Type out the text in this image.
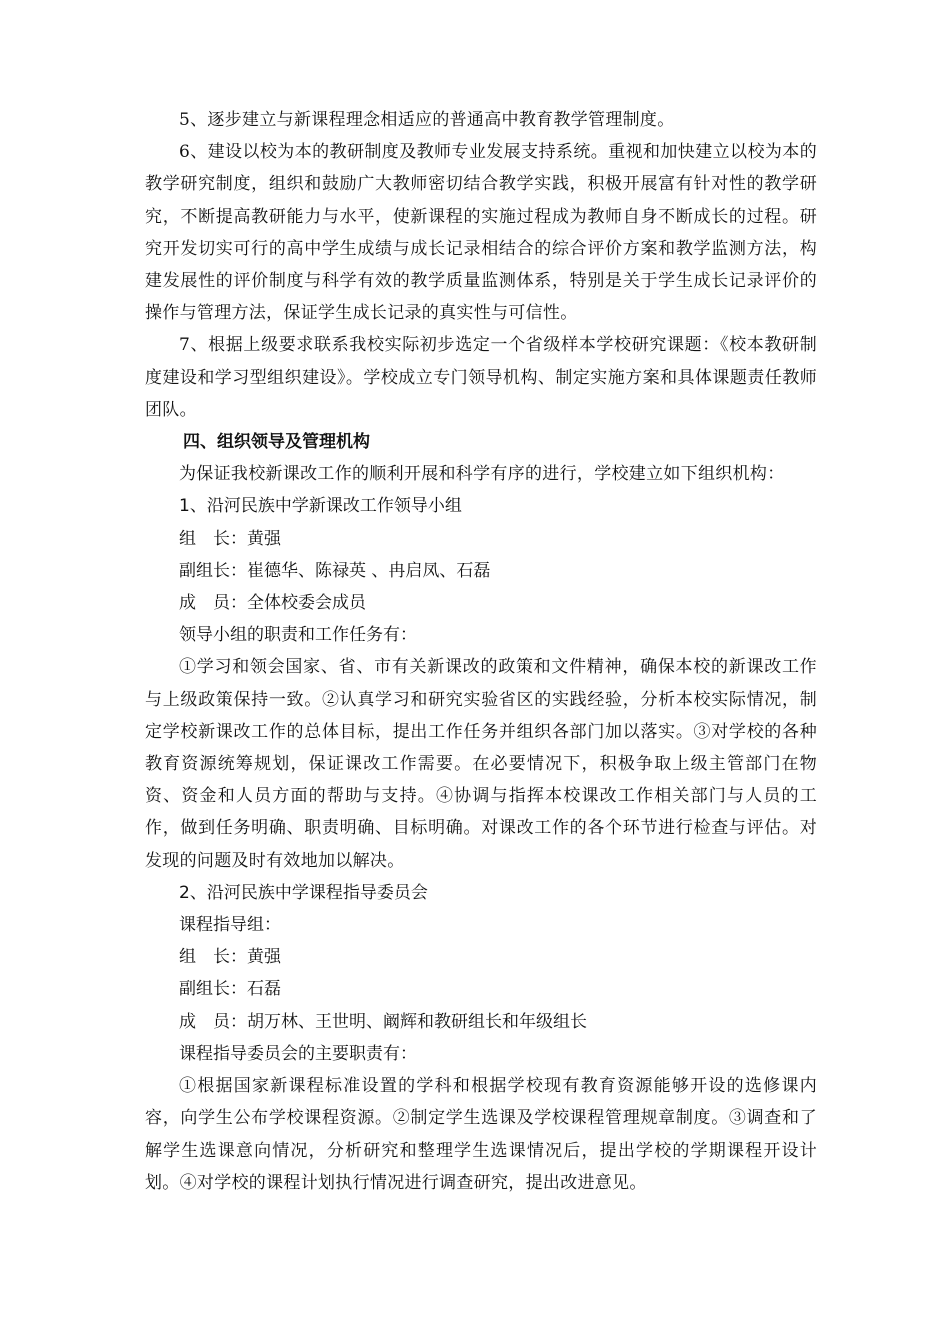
5、逐步建立与新课程理念相适应的普通高中教育教学管理制度。

6、建设以校为本的教研制度及教师专业发展支持系统。重视和加快建立以校为本的教学研究制度，组织和鼓励广大教师密切结合教学实践，积极开展富有针对性的教学研究，不断提高教研能力与水平，使新课程的实施过程成为教师自身不断成长的过程。研究开发切实可行的高中学生成绩与成长记录相结合的综合评价方案和教学监测方法，构建发展性的评价制度与科学有效的教学质量监测体系，特别是关于学生成长记录评价的操作与管理方法，保证学生成长记录的真实性与可信性。

7、根据上级要求联系我校实际初步选定一个省级样本学校研究课题：《校本教研制度建设和学习型组织建设》。学校成立专门领导机构、制定实施方案和具体课题责任教师团队。

四、组织领导及管理机构

为保证我校新课改工作的顺利开展和科学有序的进行，学校建立如下组织机构：

1、沿河民族中学新课改工作领导小组

组　长：黄强

副组长：崔德华、陈禄英 、冉启凤、石磊

成　员：全体校委会成员

领导小组的职责和工作任务有：

①学习和领会国家、省、市有关新课改的政策和文件精神，确保本校的新课改工作与上级政策保持一致。②认真学习和研究实验省区的实践经验，分析本校实际情况，制定学校新课改工作的总体目标，提出工作任务并组织各部门加以落实。③对学校的各种教育资源统筹规划，保证课改工作需要。在必要情况下，积极争取上级主管部门在物资、资金和人员方面的帮助与支持。④协调与指挥本校课改工作相关部门与人员的工作，做到任务明确、职责明确、目标明确。对课改工作的各个环节进行检查与评估。对发现的问题及时有效地加以解决。

2、沿河民族中学课程指导委员会

课程指导组：

组　长：黄强

副组长：石磊

成　员：胡万林、王世明、阚辉和教研组长和年级组长

课程指导委员会的主要职责有：

①根据国家新课程标准设置的学科和根据学校现有教育资源能够开设的选修课内容，向学生公布学校课程资源。②制定学生选课及学校课程管理规章制度。③调查和了解学生选课意向情况，分析研究和整理学生选课情况后，提出学校的学期课程开设计划。④对学校的课程计划执行情况进行调查研究，提出改进意见。
